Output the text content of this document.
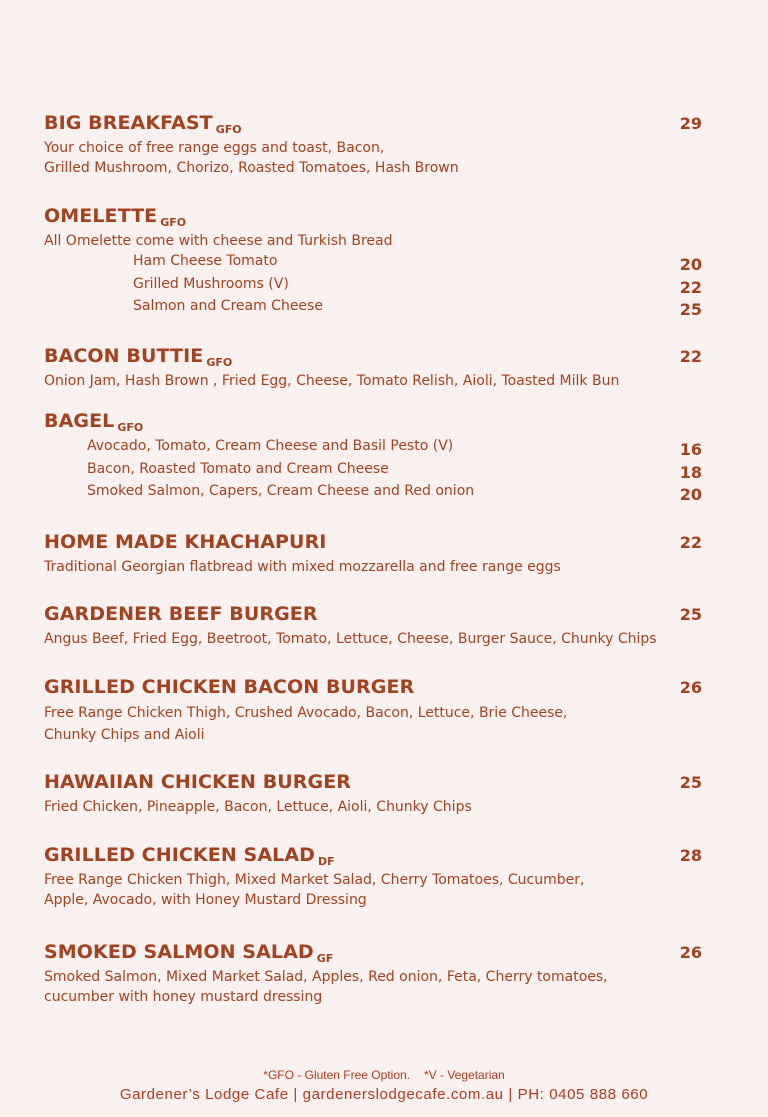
BIG BREAKFAST $_{GFO}$	29
Your choice of free range eggs and toast, Bacon,
Grilled Mushroom, Chorizo, Roasted Tomatoes, Hash Brown
OMELETTE $_{GFO}$
All Omelette come with cheese and Turkish Bread
Ham Cheese Tomato	20
Grilled Mushrooms (V)	22
Salmon and Cream Cheese	25
BACON BUTTIE $_{GFO}$	22
Onion Jam, Hash Brown , Fried Egg, Cheese, Tomato Relish, Aioli, Toasted Milk Bun
BAGEL $_{GFO}$
Avocado, Tomato, Cream Cheese and Basil Pesto (V)	16
Bacon, Roasted Tomato and Cream Cheese	18
Smoked Salmon, Capers, Cream Cheese and Red onion	20
HOME MADE KHACHAPURI	22
Traditional Georgian flatbread with mixed mozzarella and free range eggs
GARDENER BEEF BURGER	25
Angus Beef, Fried Egg, Beetroot, Tomato, Lettuce, Cheese, Burger Sauce, Chunky Chips
GRILLED CHICKEN BACON BURGER	26
Free Range Chicken Thigh, Crushed Avocado, Bacon, Lettuce, Brie Cheese,
Chunky Chips and Aioli
HAWAIIAN CHICKEN BURGER	25
Fried Chicken, Pineapple, Bacon, Lettuce, Aioli, Chunky Chips
GRILLED CHICKEN SALAD $_{DF}$	28
Free Range Chicken Thigh, Mixed Market Salad, Cherry Tomatoes, Cucumber,
Apple, Avocado, with Honey Mustard Dressing
SMOKED SALMON SALAD $_{GF}$	26
Smoked Salmon, Mixed Market Salad, Apples, Red onion, Feta, Cherry tomatoes,
cucumber with honey mustard dressing
*GFO - Gluten Free Option. *V - Vegetarian
Gardener’s Lodge Cafe | gardenerslodgecafe.com.au | PH: 0405 888 660
